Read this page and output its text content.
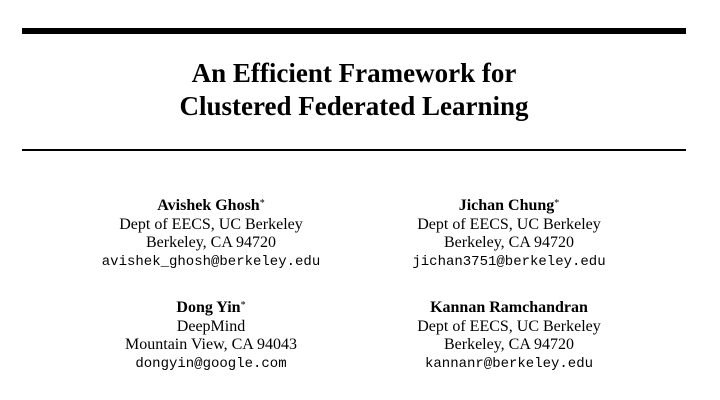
An Efficient Framework for
Clustered Federated Learning
Avishek Ghosh*
Dept of EECS, UC Berkeley
Berkeley, CA 94720
avishek_ghosh@berkeley.edu
Jichan Chung*
Dept of EECS, UC Berkeley
Berkeley, CA 94720
jichan3751@berkeley.edu
Dong Yin*
DeepMind
Mountain View, CA 94043
dongyin@google.com
Kannan Ramchandran
Dept of EECS, UC Berkeley
Berkeley, CA 94720
kannanr@berkeley.edu
